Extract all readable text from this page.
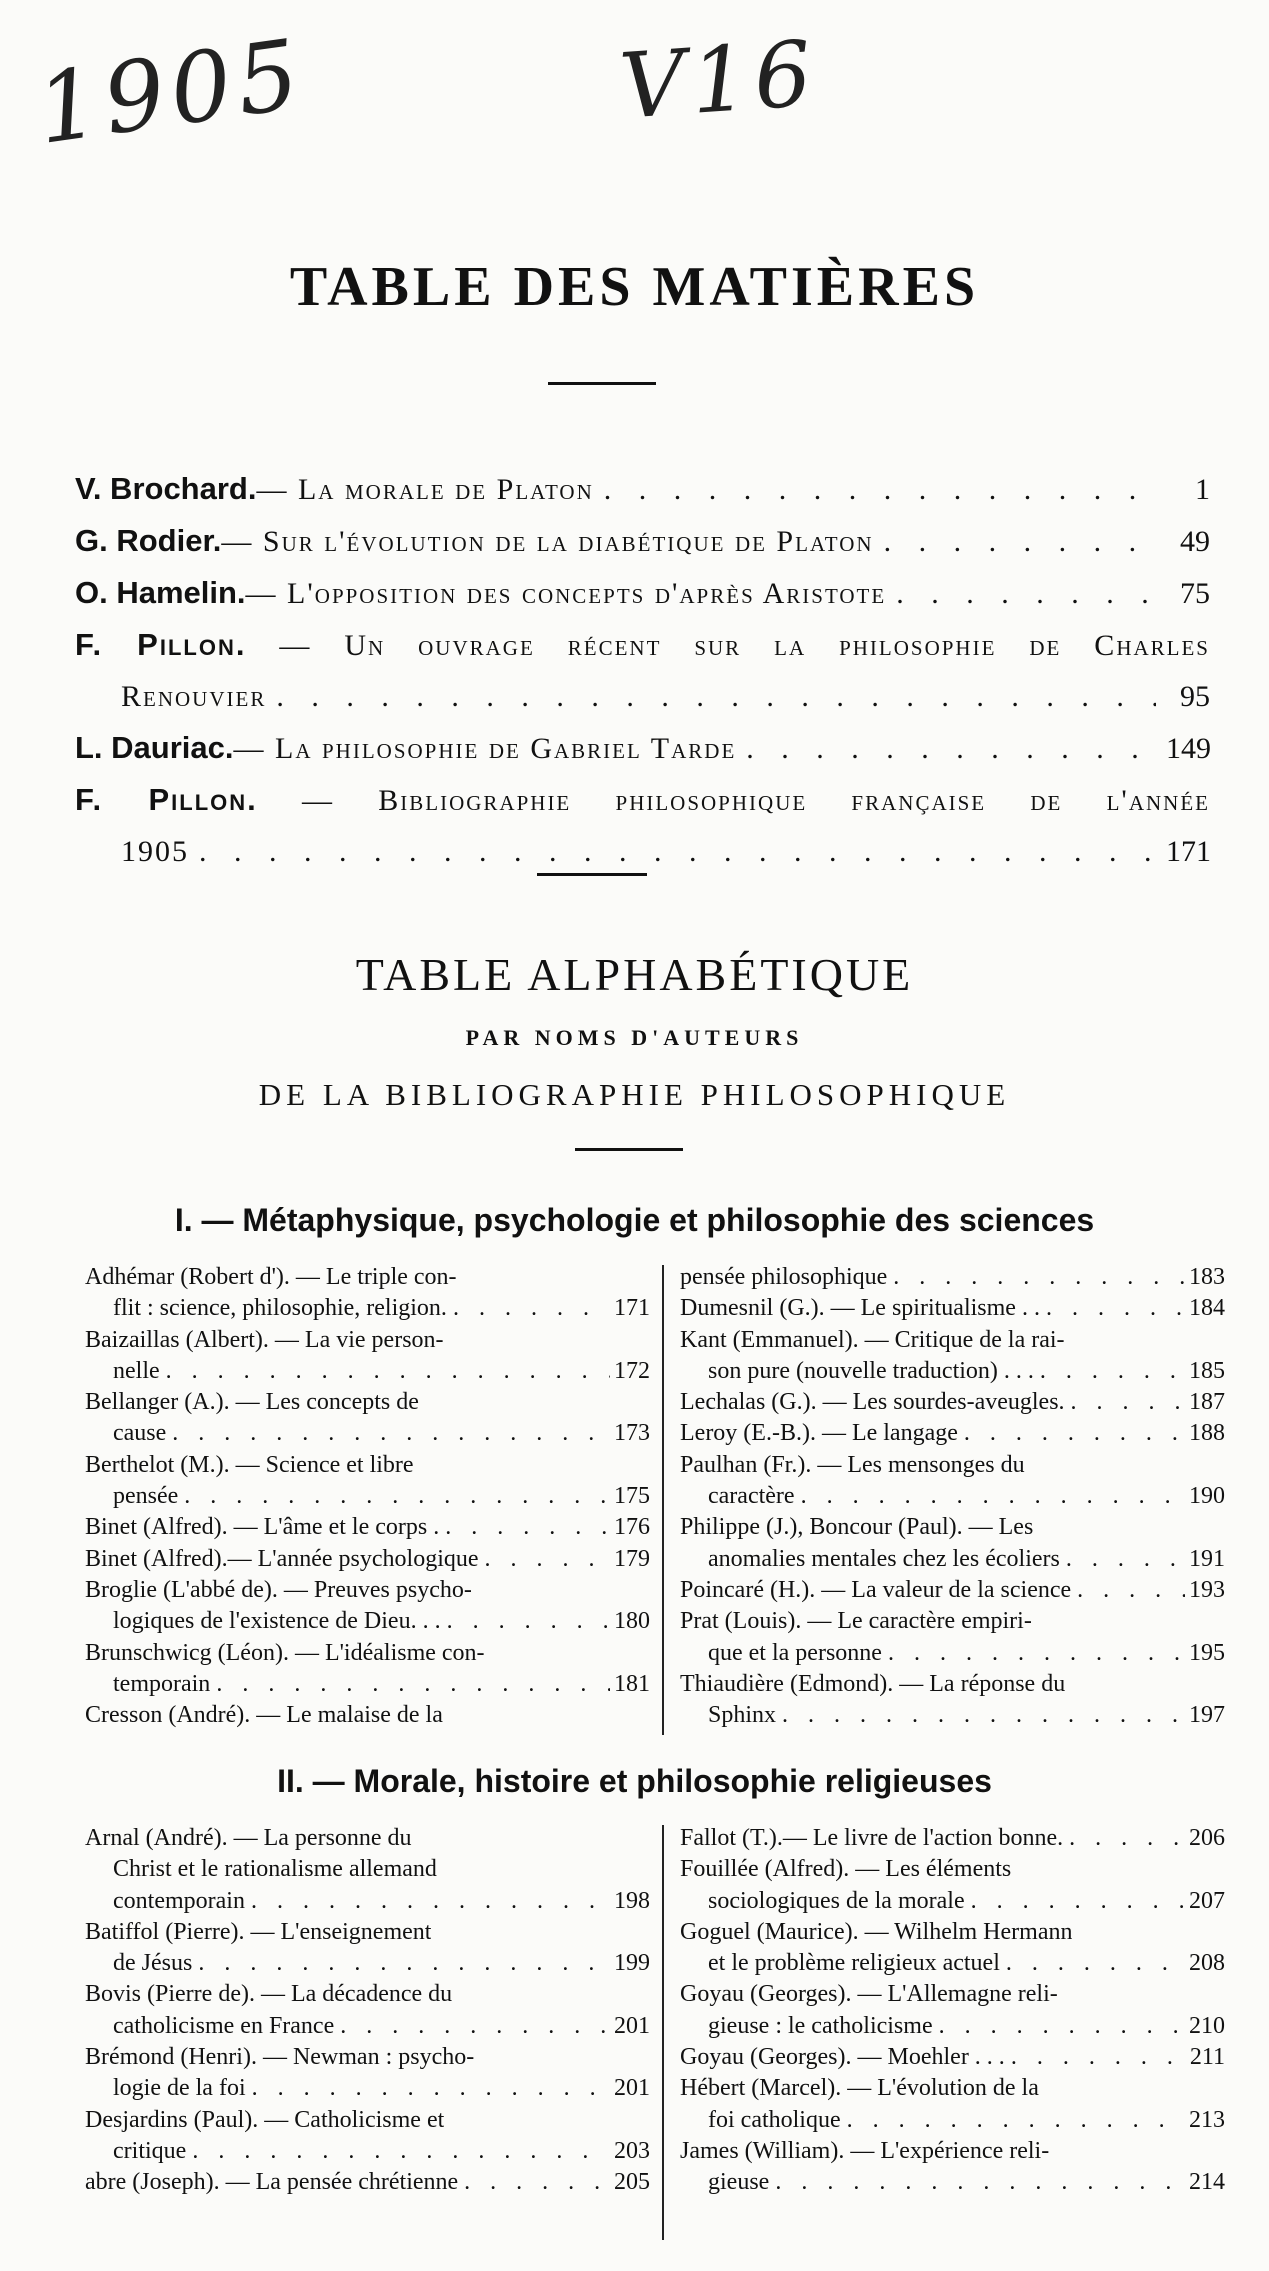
1905	V16
TABLE DES MATIÈRES
V. Brochard. — La morale de Platon . . .	1
G. Rodier. — Sur l'évolution de la diabétique de Platon . . .	49
O. Hamelin. — L'opposition des concepts d'après Aristote . . .	75
F. Pillon. — Un ouvrage récent sur la philosophie de Charles
Renouvier . . .	95
L. Dauriac. — La philosophie de Gabriel Tarde . . .	149
F. Pillon. — Bibliographie philosophique française de l'année
1905 . . .	171
TABLE ALPHABÉTIQUE
PAR NOMS D'AUTEURS
DE LA BIBLIOGRAPHIE PHILOSOPHIQUE
I. — Métaphysique, psychologie et philosophie des sciences
Adhémar (Robert d'). — Le triple con-
flit : science, philosophie, religion. . . .	171
Baizaillas (Albert). — La vie person-
nelle . . .	172
Bellanger (A.). — Les concepts de
cause . . .	173
Berthelot (M.). — Science et libre
pensée . . .	175
Binet (Alfred). — L'âme et le corps . . . .	176
Binet (Alfred).— L'année psychologique . . .	179
Broglie (L'abbé de). — Preuves psycho-
logiques de l'existence de Dieu. . . . . .	180
Brunschwicg (Léon). — L'idéalisme con-
temporain . . .	181
Cresson (André). — Le malaise de la
pensée philosophique . . .	183
Dumesnil (G.). — Le spiritualisme . . . . .	184
Kant (Emmanuel). — Critique de la rai-
son pure (nouvelle traduction) . . . . . .	185
Lechalas (G.). — Les sourdes-aveugles. . . .	187
Leroy (E.-B.). — Le langage . . .	188
Paulhan (Fr.). — Les mensonges du
caractère . . .	190
Philippe (J.), Boncour (Paul). — Les
anomalies mentales chez les écoliers . . .	191
Poincaré (H.). — La valeur de la science . . .	193
Prat (Louis). — Le caractère empiri-
que et la personne . . .	195
Thiaudière (Edmond). — La réponse du
Sphinx . . .	197
II. — Morale, histoire et philosophie religieuses
Arnal (André). — La personne du
Christ et le rationalisme allemand
contemporain . . .	198
Batiffol (Pierre). — L'enseignement
de Jésus . . .	199
Bovis (Pierre de). — La décadence du
catholicisme en France . . .	201
Brémond (Henri). — Newman : psycho-
logie de la foi . . .	201
Desjardins (Paul). — Catholicisme et
critique . . .	203
abre (Joseph). — La pensée chrétienne . . .	205
Fallot (T.).— Le livre de l'action bonne. . . .	206
Fouillée (Alfred). — Les éléments
sociologiques de la morale . . .	207
Goguel (Maurice). — Wilhelm Hermann
et le problème religieux actuel . . .	208
Goyau (Georges). — L'Allemagne reli-
gieuse : le catholicisme . . .	210
Goyau (Georges). — Moehler . . . . . .	211
Hébert (Marcel). — L'évolution de la
foi catholique . . .	213
James (William). — L'expérience reli-
gieuse . . .	214
